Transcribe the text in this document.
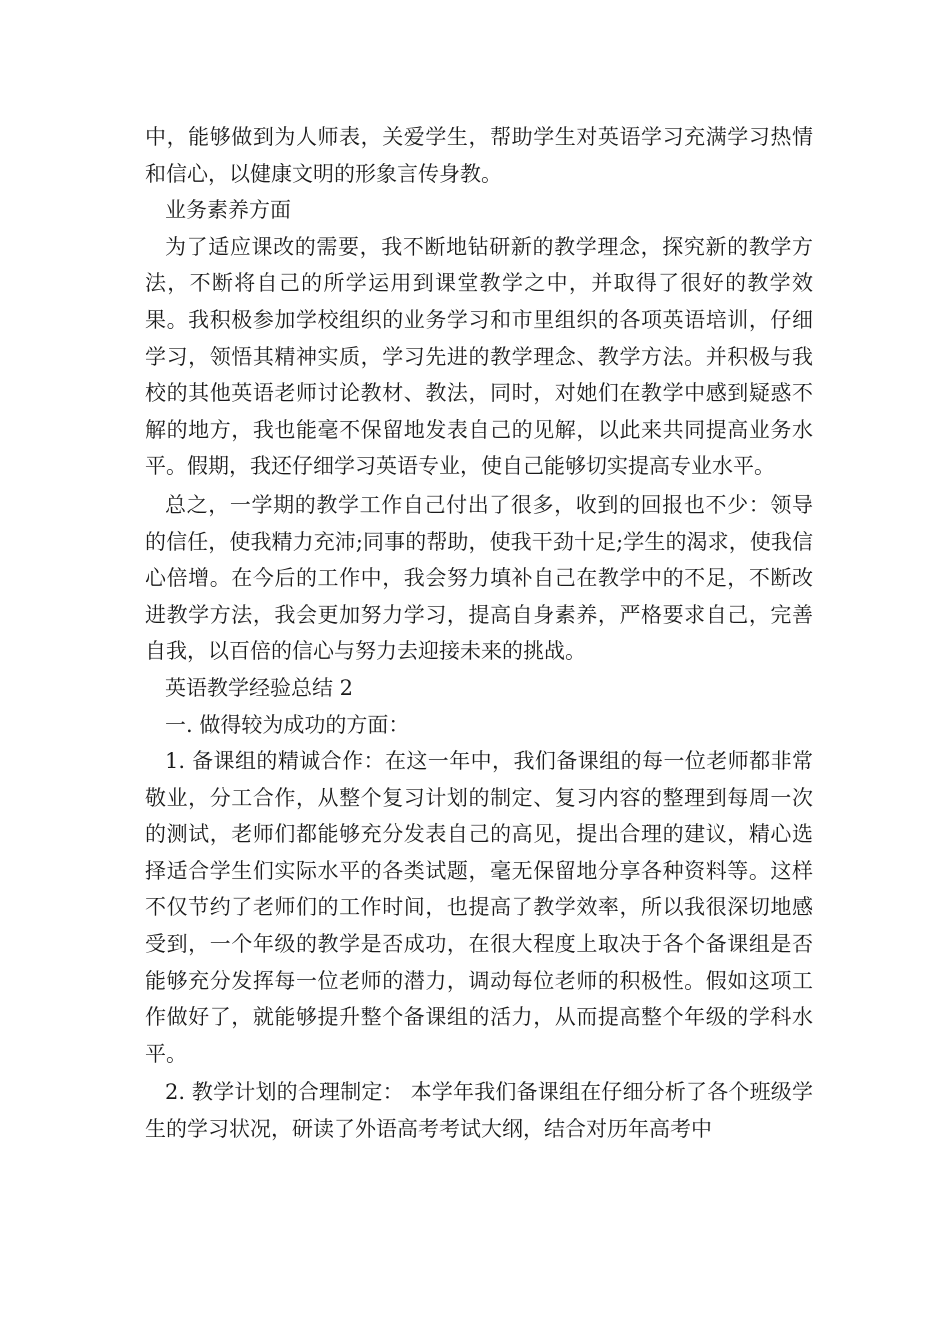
中，能够做到为人师表，关爱学生，帮助学生对英语学习充满学习热情和信心，以健康文明的形象言传身教。

业务素养方面

为了适应课改的需要，我不断地钻研新的教学理念，探究新的教学方法，不断将自己的所学运用到课堂教学之中，并取得了很好的教学效果。我积极参加学校组织的业务学习和市里组织的各项英语培训，仔细学习，领悟其精神实质，学习先进的教学理念、教学方法。并积极与我校的其他英语老师讨论教材、教法，同时，对她们在教学中感到疑惑不解的地方，我也能毫不保留地发表自己的见解，以此来共同提高业务水平。假期，我还仔细学习英语专业，使自己能够切实提高专业水平。

总之，一学期的教学工作自己付出了很多，收到的回报也不少：领导的信任，使我精力充沛;同事的帮助，使我干劲十足;学生的渴求，使我信心倍增。在今后的工作中，我会努力填补自己在教学中的不足，不断改进教学方法，我会更加努力学习，提高自身素养，严格要求自己，完善自我，以百倍的信心与努力去迎接未来的挑战。

英语教学经验总结 2

一. 做得较为成功的方面：

1. 备课组的精诚合作：在这一年中，我们备课组的每一位老师都非常敬业，分工合作，从整个复习计划的制定、复习内容的整理到每周一次的测试，老师们都能够充分发表自己的高见，提出合理的建议，精心选择适合学生们实际水平的各类试题，毫无保留地分享各种资料等。这样不仅节约了老师们的工作时间，也提高了教学效率，所以我很深切地感受到，一个年级的教学是否成功，在很大程度上取决于各个备课组是否能够充分发挥每一位老师的潜力，调动每位老师的积极性。假如这项工作做好了，就能够提升整个备课组的活力，从而提高整个年级的学科水平。

2. 教学计划的合理制定： 本学年我们备课组在仔细分析了各个班级学生的学习状况，研读了外语高考考试大纲，结合对历年高考中
